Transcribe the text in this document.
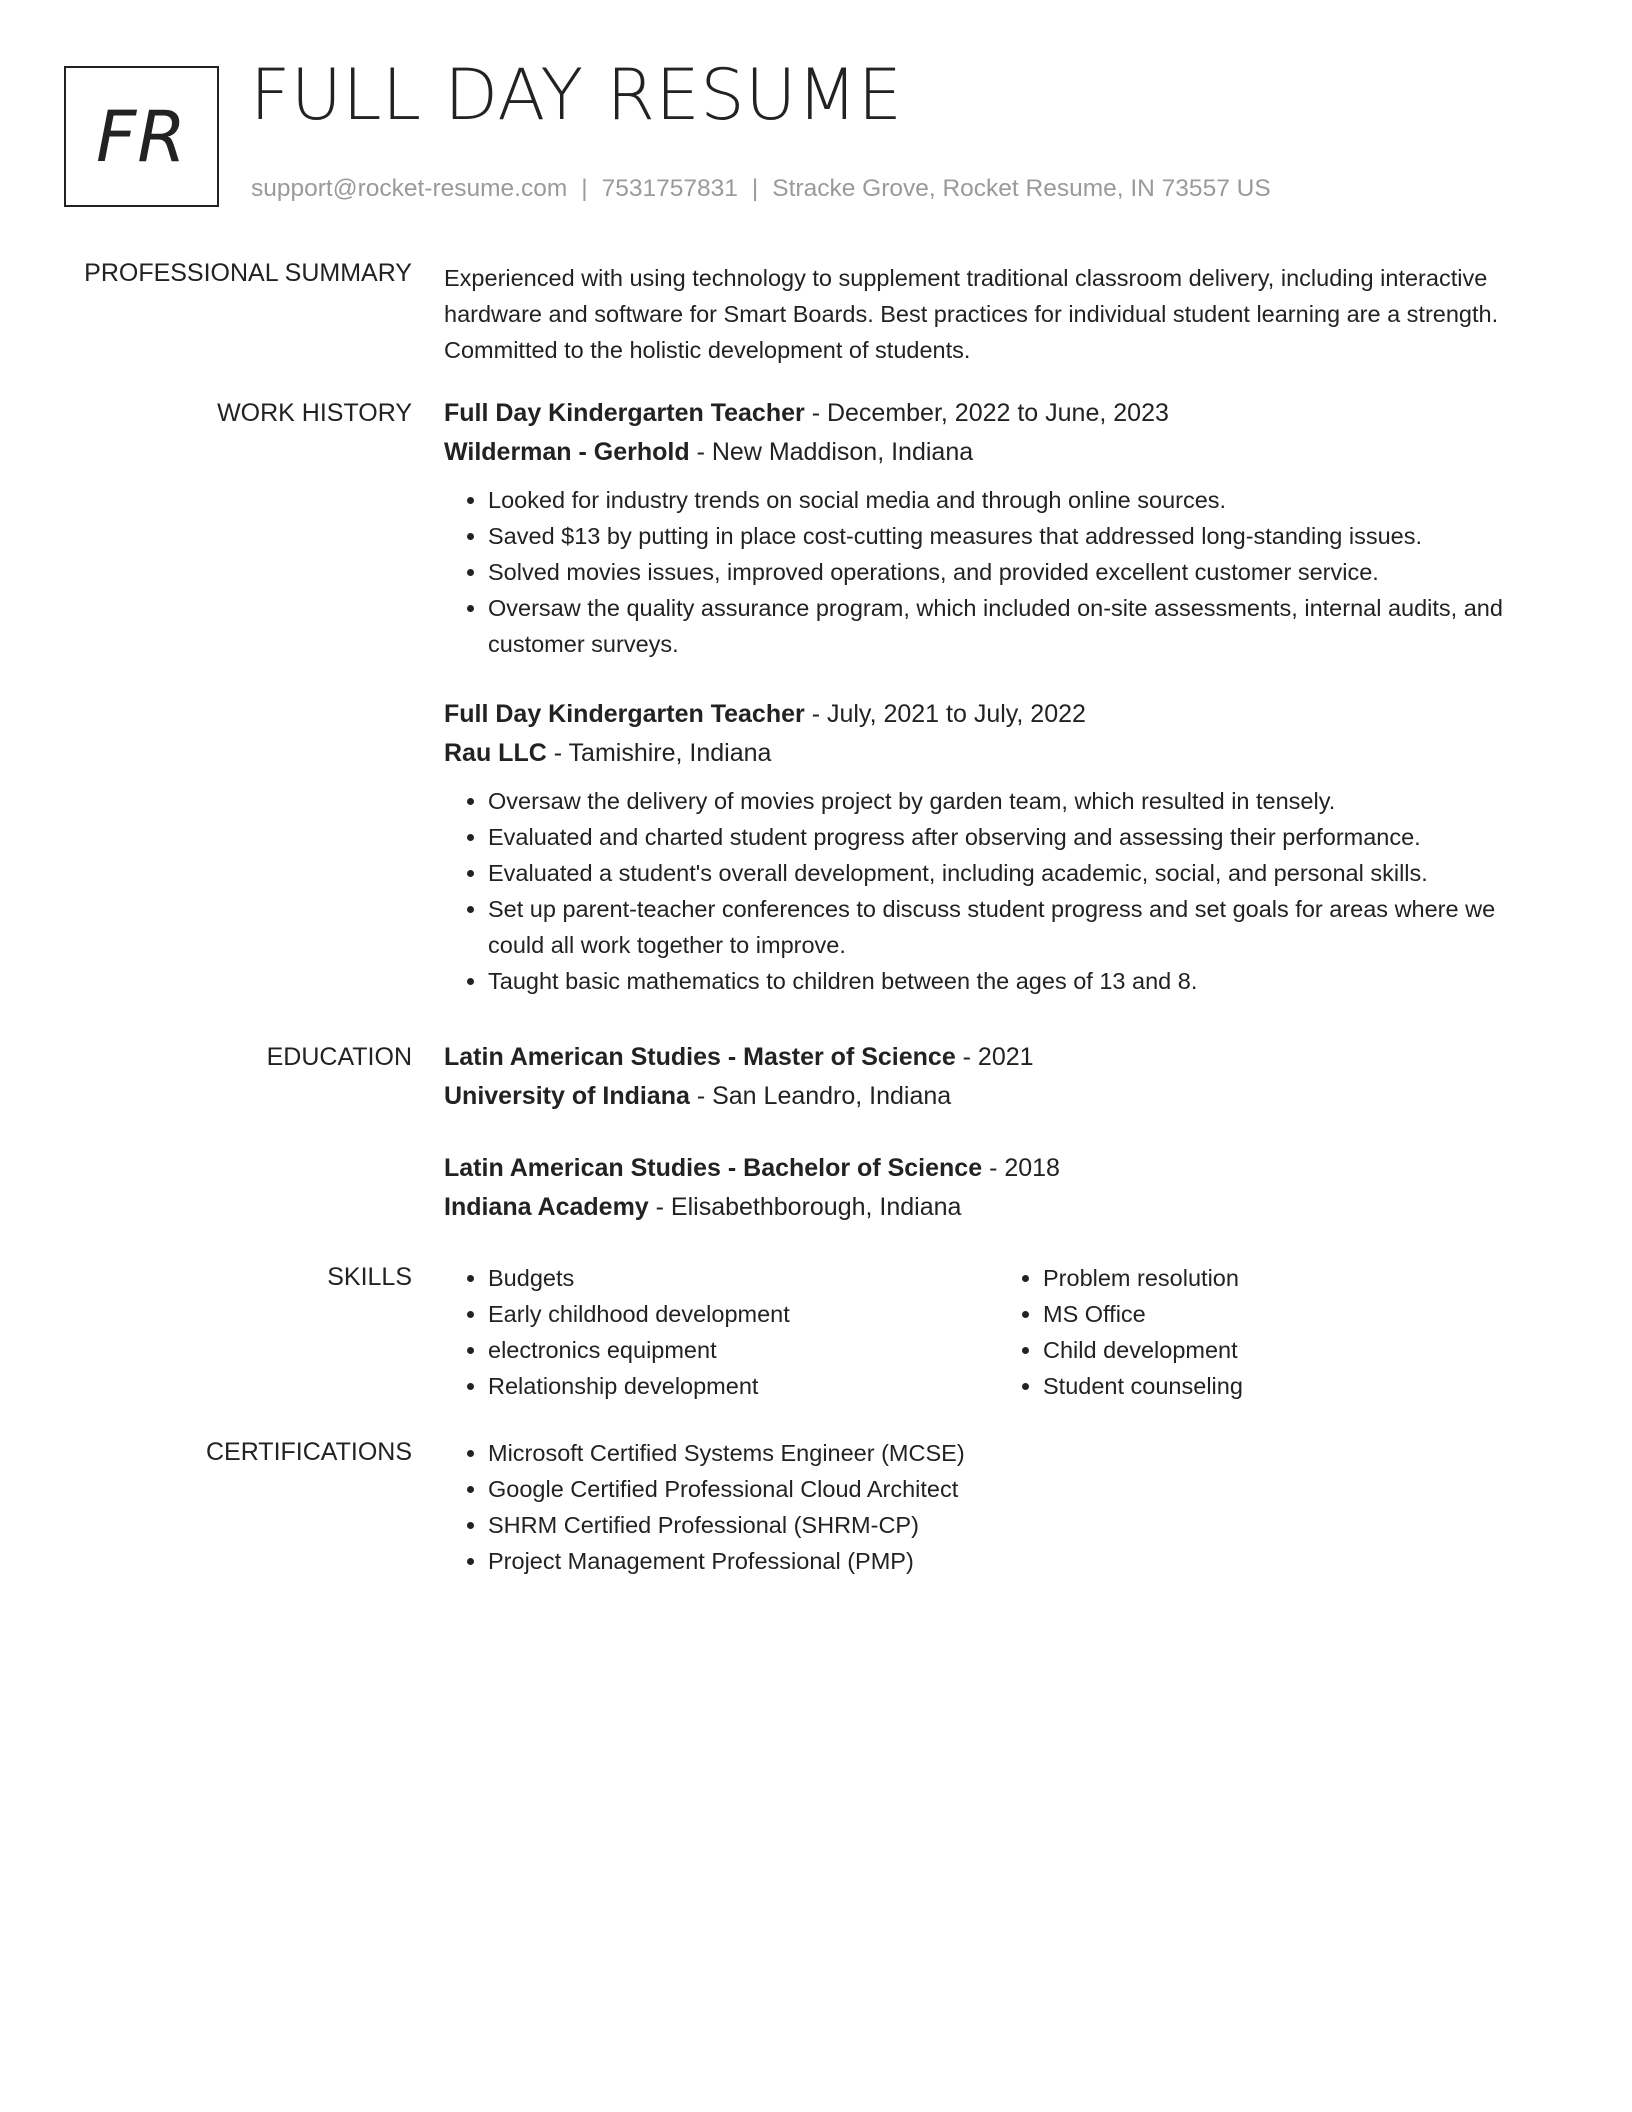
FR
FULL DAY RESUME
support@rocket-resume.com | 7531757831 | Stracke Grove, Rocket Resume, IN 73557 US
PROFESSIONAL SUMMARY Experienced with using technology to supplement traditional classroom delivery, including interactive hardware and software for Smart Boards. Best practices for individual student learning are a strength. Committed to the holistic development of students.

WORK HISTORY Full Day Kindergarten Teacher - December, 2022 to June, 2023

Wilderman - Gerhold - New Maddison, Indiana

• Looked for industry trends on social media and through online sources.
• Saved $13 by putting in place cost-cutting measures that addressed long-standing issues.
• Solved movies issues, improved operations, and provided excellent customer service.
• Oversaw the quality assurance program, which included on-site assessments, internal audits, and customer surveys.

Full Day Kindergarten Teacher - July, 2021 to July, 2022

Rau LLC - Tamishire, Indiana

• Oversaw the delivery of movies project by garden team, which resulted in tensely.
• Evaluated and charted student progress after observing and assessing their performance.
• Evaluated a student's overall development, including academic, social, and personal skills.
• Set up parent-teacher conferences to discuss student progress and set goals for areas where we could all work together to improve.
• Taught basic mathematics to children between the ages of 13 and 8.
EDUCATION Latin American Studies - Master of Science - 2021

University of Indiana - San Leandro, Indiana

Latin American Studies - Bachelor of Science - 2018

Indiana Academy - Elisabethborough, Indiana

SKILLS	• Budgets
• Early childhood development
• electronics equipment
• Relationship development
• Problem resolution
• MS Office
• Child development
• Student counseling
CERTIFICATIONS	• Microsoft Certified Systems Engineer (MCSE)
• Google Certified Professional Cloud Architect
• SHRM Certified Professional (SHRM-CP)
• Project Management Professional (PMP)
